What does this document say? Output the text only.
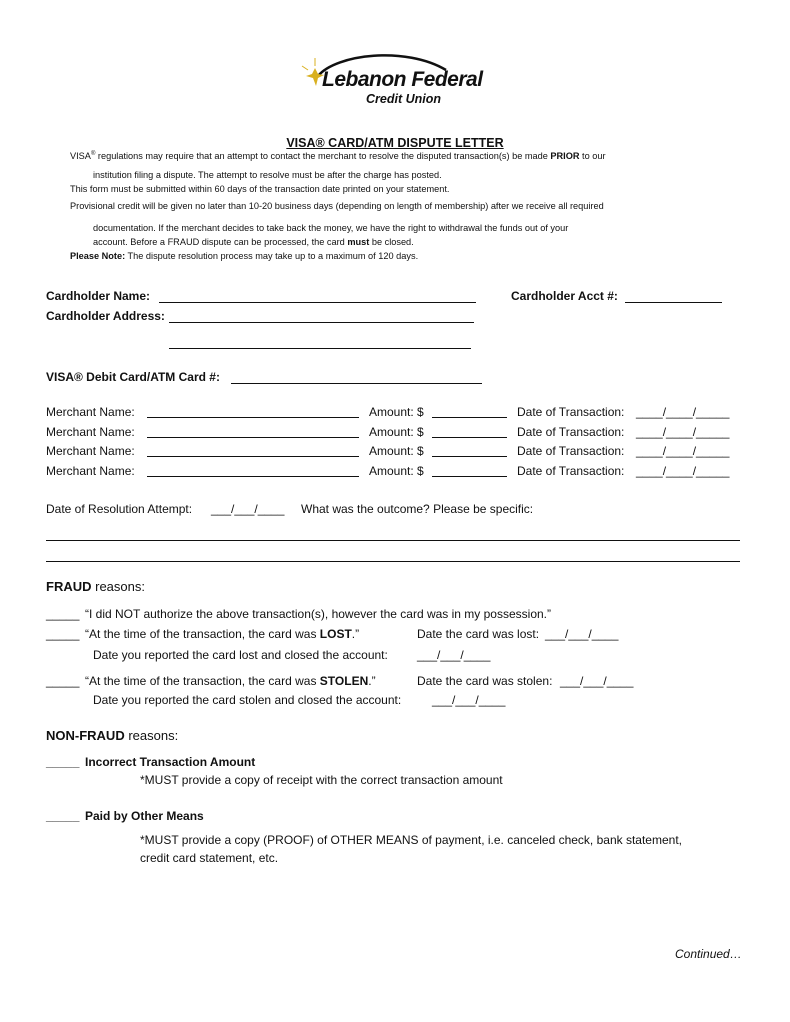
Lebanon Federal
Credit Union
VISA® CARD/ATM DISPUTE LETTER
VISA® regulations may require that an attempt to contact the merchant to resolve the disputed transaction(s) be made PRIOR to our
institution filing a dispute. The attempt to resolve must be after the charge has posted.
This form must be submitted within 60 days of the transaction date printed on your statement.
Provisional credit will be given no later than 10-20 business days (depending on length of membership) after we receive all required
documentation. If the merchant decides to take back the money, we have the right to withdrawal the funds out of your
account. Before a FRAUD dispute can be processed, the card must be closed.
Please Note: The dispute resolution process may take up to a maximum of 120 days.
Cardholder Name:	Cardholder Acct #:
Cardholder Address:
VISA® Debit Card/ATM Card #:
Merchant Name:	Amount: $	Date of Transaction: ____/____/_____
Merchant Name:	Amount: $	Date of Transaction: ____/____/_____
Merchant Name:	Amount: $	Date of Transaction: ____/____/_____
Merchant Name:	Amount: $	Date of Transaction: ____/____/_____
Date of Resolution Attempt: ___/___/____ What was the outcome? Please be specific:
FRAUD reasons:
_____ “I did NOT authorize the above transaction(s), however the card was in my possession.”
_____ “At the time of the transaction, the card was LOST.”	Date the card was lost: ___/___/____
Date you reported the card lost and closed the account: ___/___/____
_____ “At the time of the transaction, the card was STOLEN.”	Date the card was stolen: ___/___/____
Date you reported the card stolen and closed the account:	___/___/____
NON-FRAUD reasons:
_____ Incorrect Transaction Amount
*MUST provide a copy of receipt with the correct transaction amount
_____ Paid by Other Means
*MUST provide a copy (PROOF) of OTHER MEANS of payment, i.e. canceled check, bank statement,
credit card statement, etc.
Continued…
